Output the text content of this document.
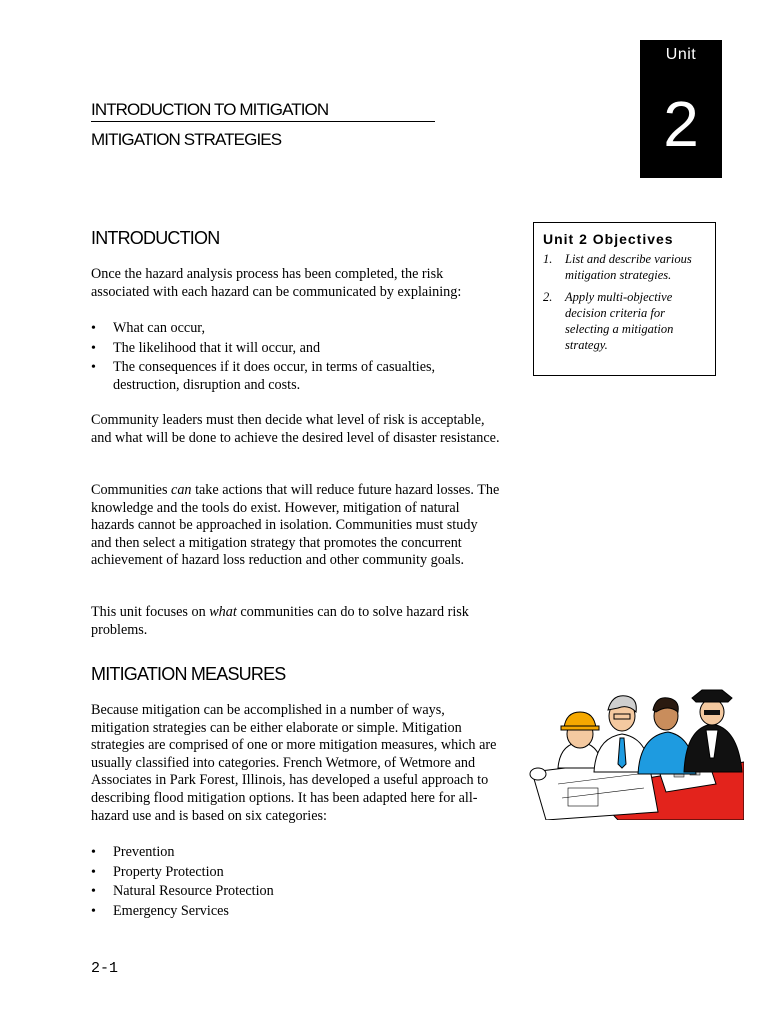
Unit
2
INTRODUCTION TO MITIGATION
MITIGATION STRATEGIES
INTRODUCTION

Once the hazard analysis process has been completed, the risk associated with each hazard can be communicated by explaining:

• What can occur,
• The likelihood that it will occur, and
• The consequences if it does occur, in terms of casualties, destruction, disruption and costs.

Community leaders must then decide what level of risk is acceptable, and what will be done to achieve the desired level of disaster resistance.

Communities can take actions that will reduce future hazard losses. The knowledge and the tools do exist. However, mitigation of natural hazards cannot be approached in isolation. Communities must study and then select a mitigation strategy that promotes the concurrent achievement of hazard loss reduction and other community goals.

This unit focuses on what communities can do to solve hazard risk problems.

MITIGATION MEASURES

Because mitigation can be accomplished in a number of ways, mitigation strategies can be either elaborate or simple. Mitigation strategies are comprised of one or more mitigation measures, which are usually classified into categories. French Wetmore, of Wetmore and Associates in Park Forest, Illinois, has developed a useful approach to describing flood mitigation options. It has been adapted here for all-hazard use and is based on six categories:

• Prevention
• Property Protection
• Natural Resource Protection
• Emergency Services
Unit 2 Objectives
1. List and describe various mitigation strategies.
2. Apply multi-objective decision criteria for selecting a mitigation strategy.
2-1
